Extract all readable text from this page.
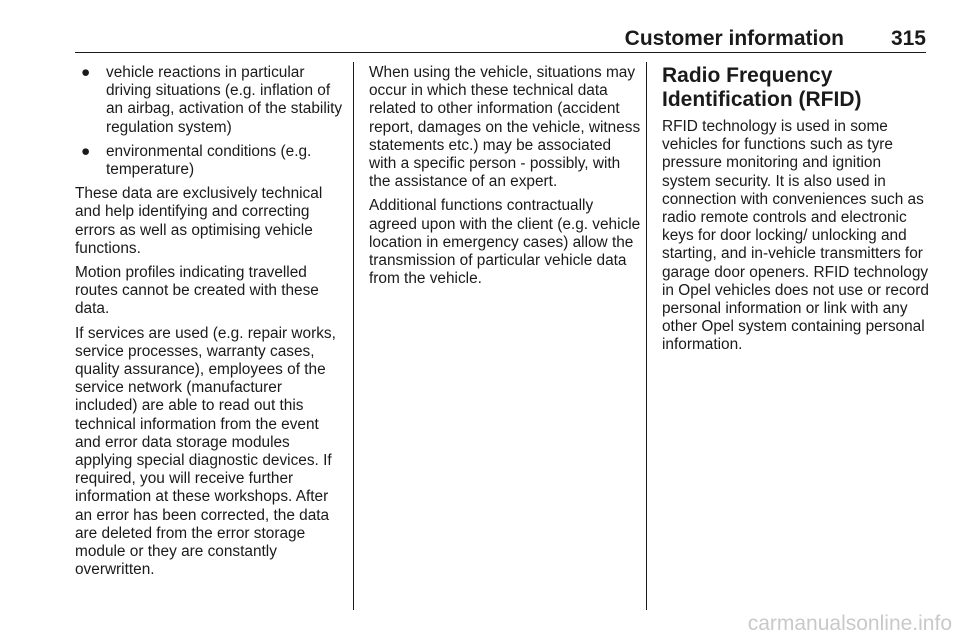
Customer information 315
● vehicle reactions in particular driving situations (e.g. inflation of an airbag, activation of the stability regulation system)
● environmental conditions (e.g. temperature)

These data are exclusively technical and help identifying and correcting errors as well as optimising vehicle functions.

Motion profiles indicating travelled routes cannot be created with these data.

If services are used (e.g. repair works, service processes, warranty cases, quality assurance), employees of the service network (manufacturer included) are able to read out this technical information from the event and error data storage modules applying special diagnostic devices. If required, you will receive further information at these workshops. After an error has been corrected, the data are deleted from the error storage module or they are constantly overwritten.

When using the vehicle, situations may occur in which these technical data related to other information (accident report, damages on the vehicle, witness statements etc.) may be associated with a specific person - possibly, with the assistance of an expert.

Additional functions contractually agreed upon with the client (e.g. vehicle location in emergency cases) allow the transmission of particular vehicle data from the vehicle.

Radio Frequency Identification (RFID)

RFID technology is used in some vehicles for functions such as tyre pressure monitoring and ignition system security. It is also used in connection with conveniences such as radio remote controls and electronic keys for door locking/ unlocking and starting, and in-vehicle transmitters for garage door openers. RFID technology in Opel vehicles does not use or record personal information or link with any other Opel system containing personal information.

carmanualsonline.info
